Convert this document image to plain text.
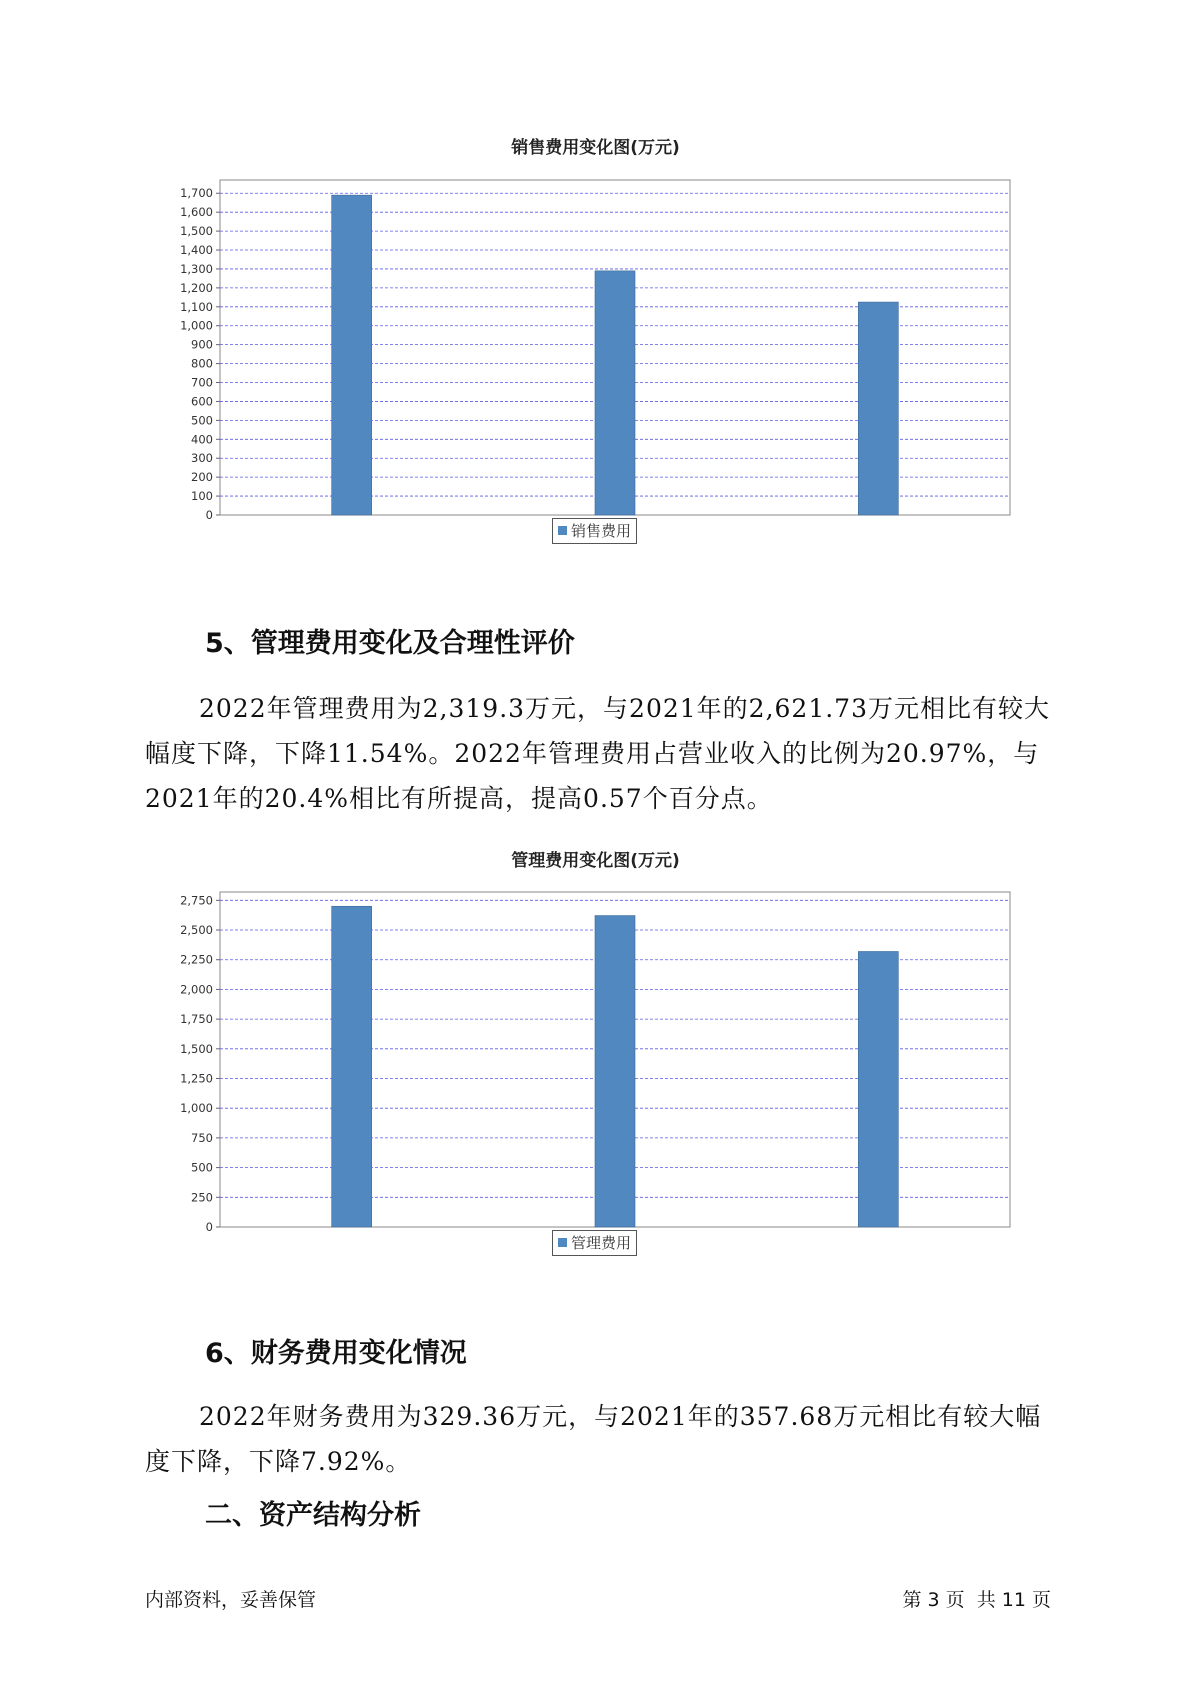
销售费用变化图(万元)
0
100
200
300
400
500
600
700
800
900
1,000
1,100
1,200
1,300
1,400
1,500
1,600
1,700
销售费用
5、管理费用变化及合理性评价

2022年管理费用为2,319.3万元，与2021年的2,621.73万元相比有较大幅度下降，下降11.54%。2022年管理费用占营业收入的比例为20.97%，与2021年的20.4%相比有所提高，提高0.57个百分点。

管理费用变化图(万元)
0
250
500
750
1,000
1,250
1,500
1,750
2,000
2,250
2,500
2,750
管理费用
6、财务费用变化情况

2022年财务费用为329.36万元，与2021年的357.68万元相比有较大幅度下降，下降7.92%。

二、资产结构分析
内部资料，妥善保管	第 3 页  共 11 页
